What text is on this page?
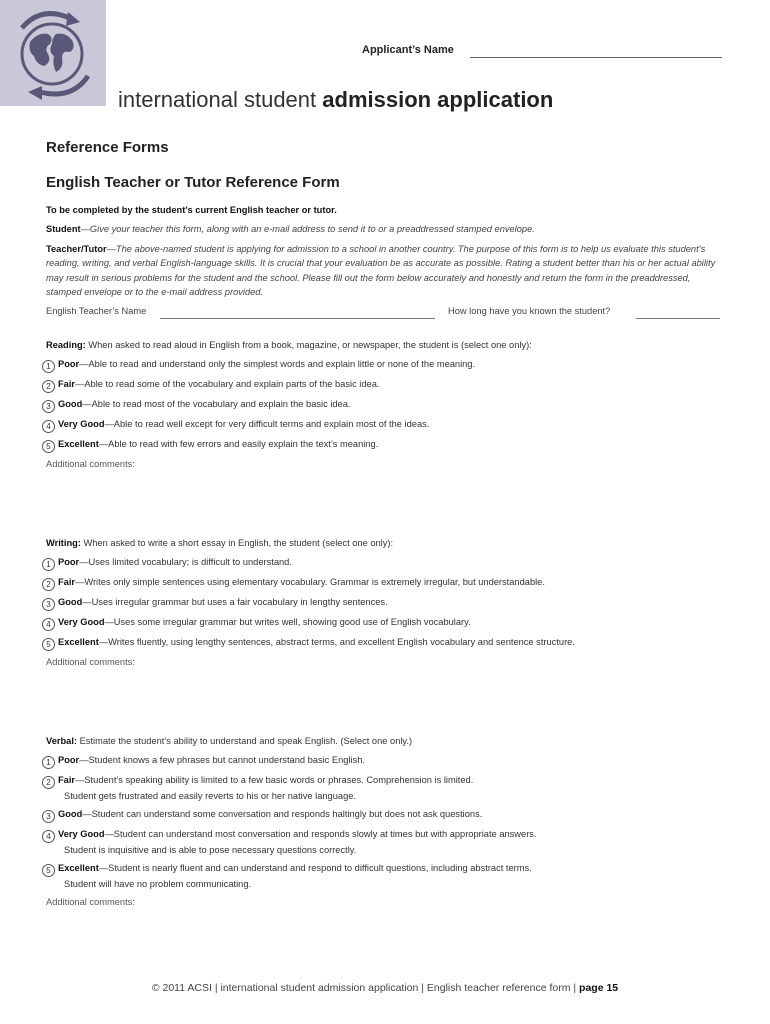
Applicant’s Name
international student admission application
Reference Forms
English Teacher or Tutor Reference Form
To be completed by the student’s current English teacher or tutor.
Student—Give your teacher this form, along with an e-mail address to send it to or a preaddressed stamped envelope.
Teacher/Tutor—The above-named student is applying for admission to a school in another country. The purpose of this form is to help us evaluate this student’s reading, writing, and verbal English-language skills. It is crucial that your evaluation be as accurate as possible. Rating a student better than his or her actual ability may result in serious problems for the student and the school. Please fill out the form below accurately and honestly and return the form in the preaddressed, stamped envelope or to the e-mail address provided.
English Teacher’s Name	How long have you known the student?
Reading: When asked to read aloud in English from a book, magazine, or newspaper, the student is (select one only):
1 Poor—Able to read and understand only the simplest words and explain little or none of the meaning.
2 Fair—Able to read some of the vocabulary and explain parts of the basic idea.
3 Good—Able to read most of the vocabulary and explain the basic idea.
4 Very Good—Able to read well except for very difficult terms and explain most of the ideas.
5 Excellent—Able to read with few errors and easily explain the text’s meaning.
Additional comments:
Writing: When asked to write a short essay in English, the student (select one only):
1 Poor—Uses limited vocabulary; is difficult to understand.
2 Fair—Writes only simple sentences using elementary vocabulary. Grammar is extremely irregular, but understandable.
3 Good—Uses irregular grammar but uses a fair vocabulary in lengthy sentences.
4 Very Good—Uses some irregular grammar but writes well, showing good use of English vocabulary.
5 Excellent—Writes fluently, using lengthy sentences, abstract terms, and excellent English vocabulary and sentence structure.
Additional comments:
Verbal: Estimate the student’s ability to understand and speak English. (Select one only.)
1 Poor—Student knows a few phrases but cannot understand basic English.
2 Fair—Student’s speaking ability is limited to a few basic words or phrases. Comprehension is limited.
Student gets frustrated and easily reverts to his or her native language.
3 Good—Student can understand some conversation and responds haltingly but does not ask questions.
4 Very Good—Student can understand most conversation and responds slowly at times but with appropriate answers.
Student is inquisitive and is able to pose necessary questions correctly.
5 Excellent—Student is nearly fluent and can understand and respond to difficult questions, including abstract terms.
Student will have no problem communicating.
Additional comments:
© 2011 ACSI | international student admission application | English teacher reference form | page 15
